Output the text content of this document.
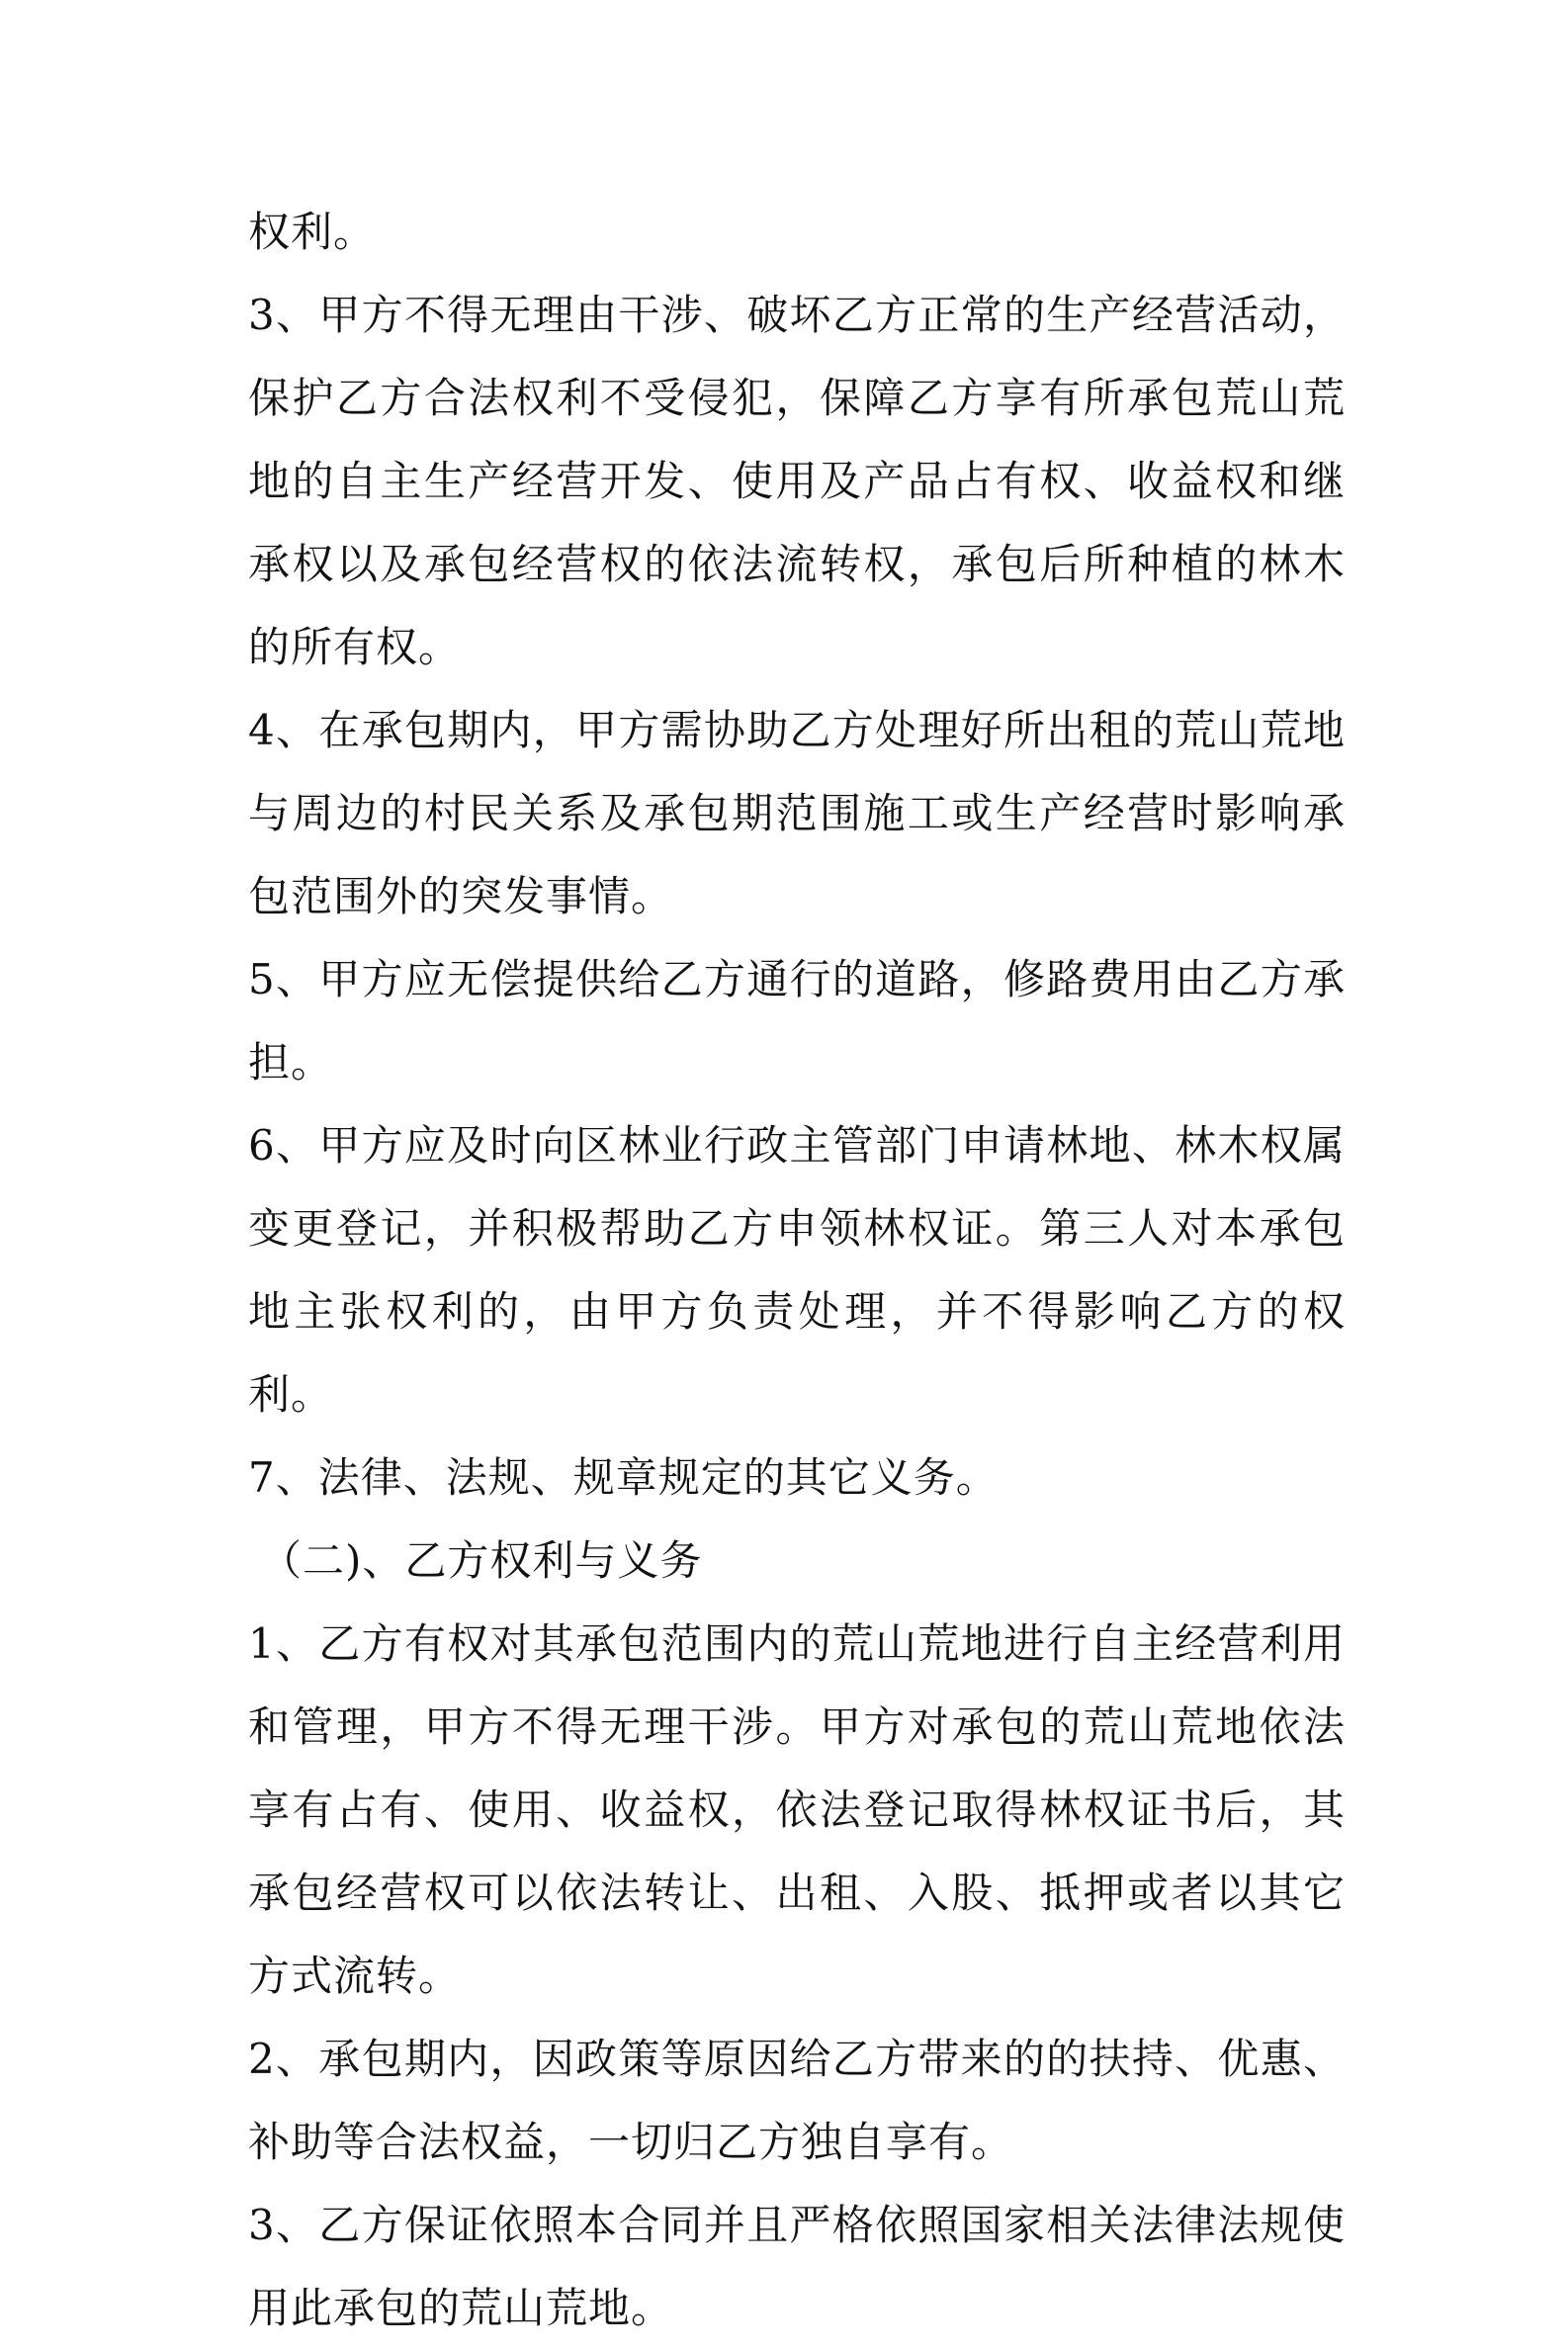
权利。

3、甲方不得无理由干涉、破坏乙方正常的生产经营活动，保护乙方合法权利不受侵犯，保障乙方享有所承包荒山荒地的自主生产经营开发、使用及产品占有权、收益权和继承权以及承包经营权的依法流转权，承包后所种植的林木的所有权。

4、在承包期内，甲方需协助乙方处理好所出租的荒山荒地与周边的村民关系及承包期范围施工或生产经营时影响承包范围外的突发事情。

5、甲方应无偿提供给乙方通行的道路，修路费用由乙方承担。

6、甲方应及时向区林业行政主管部门申请林地、林木权属变更登记，并积极帮助乙方申领林权证。第三人对本承包地主张权利的，由甲方负责处理，并不得影响乙方的权利。

7、法律、法规、规章规定的其它义务。

（二)、乙方权利与义务

1、乙方有权对其承包范围内的荒山荒地进行自主经营利用和管理，甲方不得无理干涉。甲方对承包的荒山荒地依法享有占有、使用、收益权，依法登记取得林权证书后，其承包经营权可以依法转让、出租、入股、抵押或者以其它方式流转。

2、承包期内，因政策等原因给乙方带来的的扶持、优惠、补助等合法权益，一切归乙方独自享有。

3、乙方保证依照本合同并且严格依照国家相关法律法规使用此承包的荒山荒地。
